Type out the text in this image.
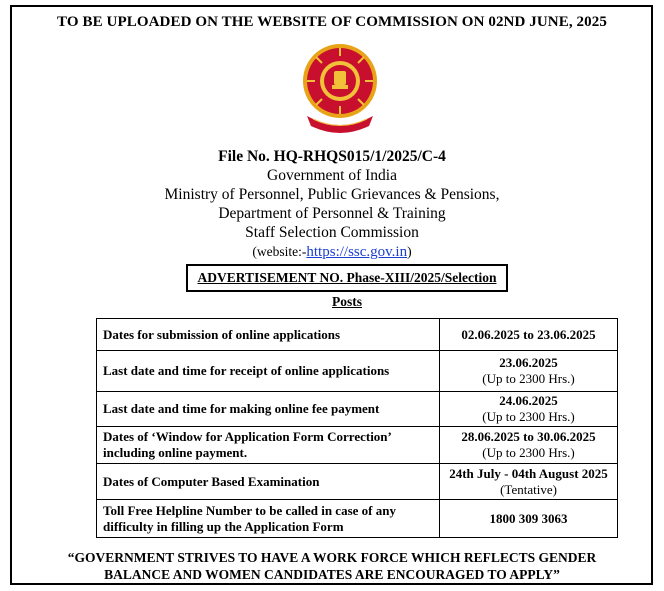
TO BE UPLOADED ON THE WEBSITE OF COMMISSION ON 02ND JUNE, 2025
File No. HQ-RHQS015/1/2025/C-4
Government of India
Ministry of Personnel, Public Grievances & Pensions,
Department of Personnel & Training
Staff Selection Commission
(website:-https://ssc.gov.in)
ADVERTISEMENT NO. Phase-XIII/2025/Selection Posts
Dates for submission of online applications	02.06.2025 to 23.06.2025
Last date and time for receipt of online applications	23.06.2025
(Up to 2300 Hrs.)

Last date and time for making online fee payment	24.06.2025
(Up to 2300 Hrs.)

Dates of ‘Window for Application Form Correction’ including online payment.	28.06.2025 to 30.06.2025
(Up to 2300 Hrs.)

Dates of Computer Based Examination	24th July - 04th August 2025
(Tentative)

Toll Free Helpline Number to be called in case of any difficulty in filling up the Application Form	1800 309 3063
“GOVERNMENT STRIVES TO HAVE A WORK FORCE WHICH REFLECTS GENDER
BALANCE AND WOMEN CANDIDATES ARE ENCOURAGED TO APPLY”
